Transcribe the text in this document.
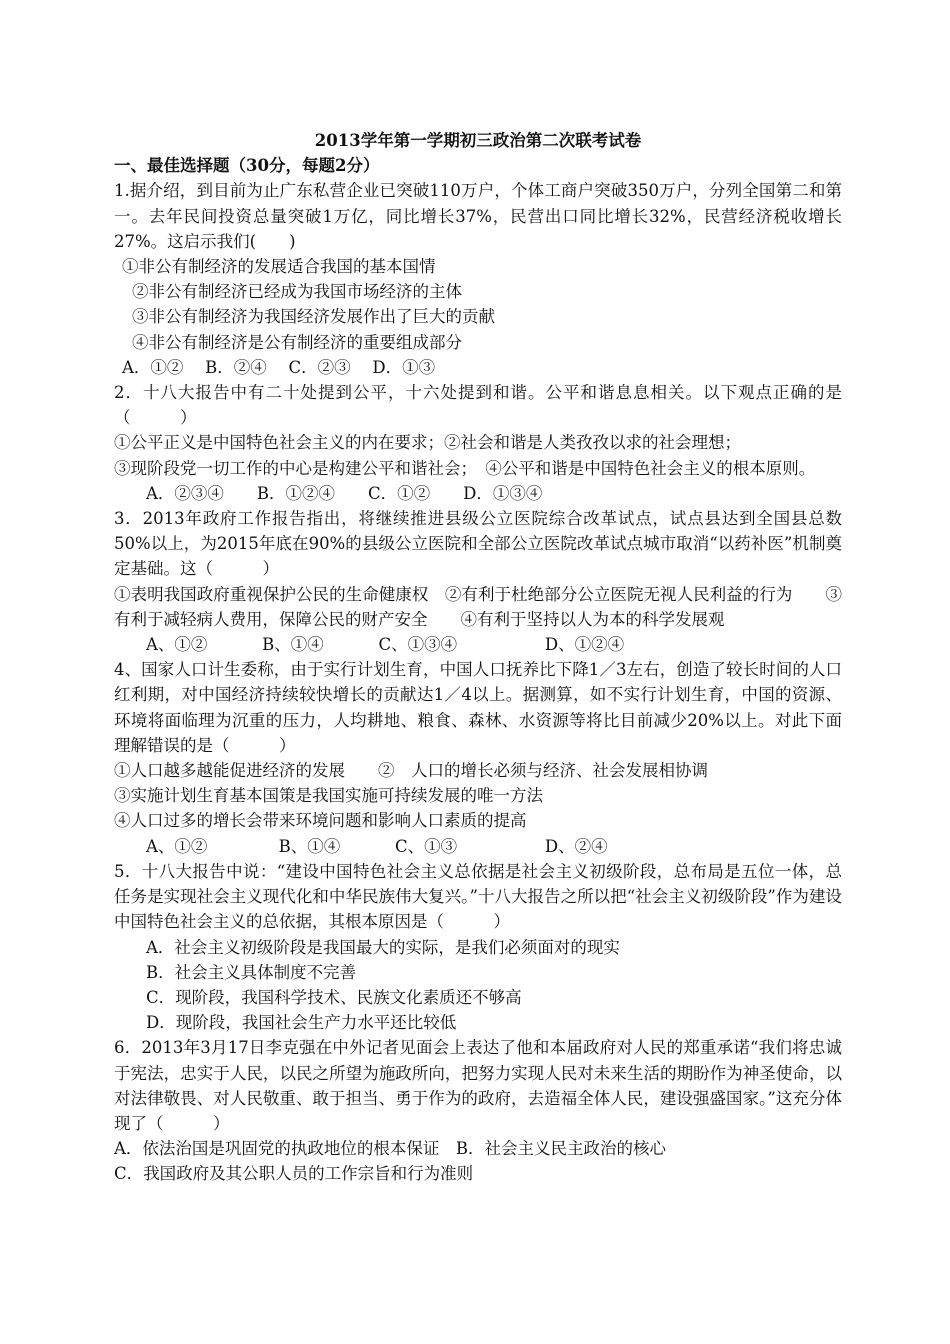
2013学年第一学期初三政治第二次联考试卷

一、最佳选择题（30分，每题2分）

1.据介绍，到目前为止广东私营企业已突破110万户，个体工商户突破350万户，分列全国第二和第一。去年民间投资总量突破1万亿，同比增长37%，民营出口同比增长32%，民营经济税收增长27%。这启示我们(　　)

①非公有制经济的发展适合我国的基本国情

②非公有制经济已经成为我国市场经济的主体

③非公有制经济为我国经济发展作出了巨大的贡献

④非公有制经济是公有制经济的重要组成部分

A．①②　 B．②④　 C．②③　 D．①③

2．十八大报告中有二十处提到公平，十六处提到和谐。公平和谐息息相关。以下观点正确的是（　　　）

①公平正义是中国特色社会主义的内在要求；②社会和谐是人类孜孜以求的社会理想；

③现阶段党一切工作的中心是构建公平和谐社会；　④公平和谐是中国特色社会主义的根本原则。

A．②③④　　B．①②④　　C．①②　　D．①③④

3．2013年政府工作报告指出，将继续推进县级公立医院综合改革试点，试点县达到全国县总数50%以上，为2015年底在90%的县级公立医院和全部公立医院改革试点城市取消“以药补医”机制奠定基础。这（　　　）

①表明我国政府重视保护公民的生命健康权　②有利于杜绝部分公立医院无视人民利益的行为　　③有利于减轻病人费用，保障公民的财产安全　　④有利于坚持以人为本的科学发展观

A、①②　　　 B、①④　　　 C、①③④　　　　　 D、①②④

4、国家人口计生委称，由于实行计划生育，中国人口抚养比下降1／3左右，创造了较长时间的人口红利期，对中国经济持续较快增长的贡献达1／4以上。据测算，如不实行计划生育，中国的资源、环境将面临理为沉重的压力，人均耕地、粮食、森林、水资源等将比目前减少20%以上。对此下面理解错误的是（　　　）

①人口越多越能促进经济的发展　　②　人口的增长必须与经济、社会发展相协调

③实施计划生育基本国策是我国实施可持续发展的唯一方法

④人口过多的增长会带来环境问题和影响人口素质的提高

A、①②　　　　 B、①④　　　 C、①③　　　　　 D、②④

5．十八大报告中说：“建设中国特色社会主义总依据是社会主义初级阶段，总布局是五位一体，总任务是实现社会主义现代化和中华民族伟大复兴。”十八大报告之所以把“社会主义初级阶段”作为建设中国特色社会主义的总依据，其根本原因是（　　　）

A．社会主义初级阶段是我国最大的实际，是我们必须面对的现实

B．社会主义具体制度不完善

C．现阶段，我国科学技术、民族文化素质还不够高

D．现阶段，我国社会生产力水平还比较低

6．2013年3月17日李克强在中外记者见面会上表达了他和本届政府对人民的郑重承诺“我们将忠诚于宪法，忠实于人民，以民之所望为施政所向，把努力实现人民对未来生活的期盼作为神圣使命，以对法律敬畏、对人民敬重、敢于担当、勇于作为的政府，去造福全体人民，建设强盛国家。”这充分体现了（　　　）

A．依法治国是巩固党的执政地位的根本保证　B．社会主义民主政治的核心

C．我国政府及其公职人员的工作宗旨和行为准则
